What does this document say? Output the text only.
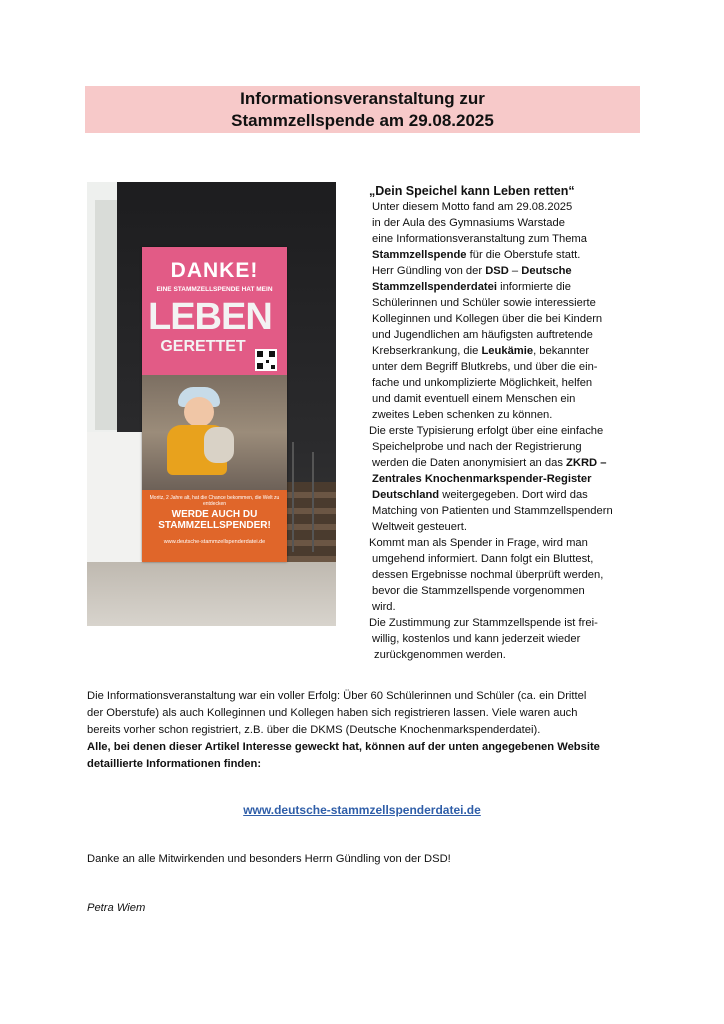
Informationsveranstaltung zur
Stammzellspende am 29.08.2025
DANKE!
EINE STAMMZELLSPENDE HAT MEIN
LEBEN
GERETTET
Moritz, 2 Jahre alt, hat die Chance bekommen, die Welt zu entdecken
WERDE AUCH DU STAMMZELLSPENDER!
www.deutsche-stammzellspenderdatei.de
„Dein Speichel kann Leben retten“
Unter diesem Motto fand am 29.08.2025
in der Aula des Gymnasiums Warstade
eine Informationsveranstaltung zum Thema
Stammzellspende für die Oberstufe statt.
Herr Gündling von der DSD – Deutsche
Stammzellspenderdatei informierte die
Schülerinnen und Schüler sowie interessierte
Kolleginnen und Kollegen über die bei Kindern
und Jugendlichen am häufigsten auftretende
Krebserkrankung, die Leukämie, bekannter
unter dem Begriff Blutkrebs, und über die ein-
fache und unkomplizierte Möglichkeit, helfen
und damit eventuell einem Menschen ein
zweites Leben schenken zu können.
Die erste Typisierung erfolgt über eine einfache
Speichelprobe und nach der Registrierung
werden die Daten anonymisiert an das ZKRD –
Zentrales Knochenmarkspender-Register
Deutschland weitergegeben. Dort wird das
Matching von Patienten und Stammzellspendern
Weltweit gesteuert.
Kommt man als Spender in Frage, wird man
umgehend informiert. Dann folgt ein Bluttest,
dessen Ergebnisse nochmal überprüft werden,
bevor die Stammzellspende vorgenommen
wird.
Die Zustimmung zur Stammzellspende ist frei-
willig, kostenlos und kann jederzeit wieder
zurückgenommen werden.
Die Informationsveranstaltung war ein voller Erfolg: Über 60 Schülerinnen und Schüler (ca. ein Drittel
der Oberstufe) als auch Kolleginnen und Kollegen haben sich registrieren lassen. Viele waren auch
bereits vorher schon registriert, z.B. über die DKMS (Deutsche Knochenmarkspenderdatei).
Alle, bei denen dieser Artikel Interesse geweckt hat, können auf der unten angegebenen Website
detaillierte Informationen finden:
www.deutsche-stammzellspenderdatei.de
Danke an alle Mitwirkenden und besonders Herrn Gündling von der DSD!
Petra Wiem
